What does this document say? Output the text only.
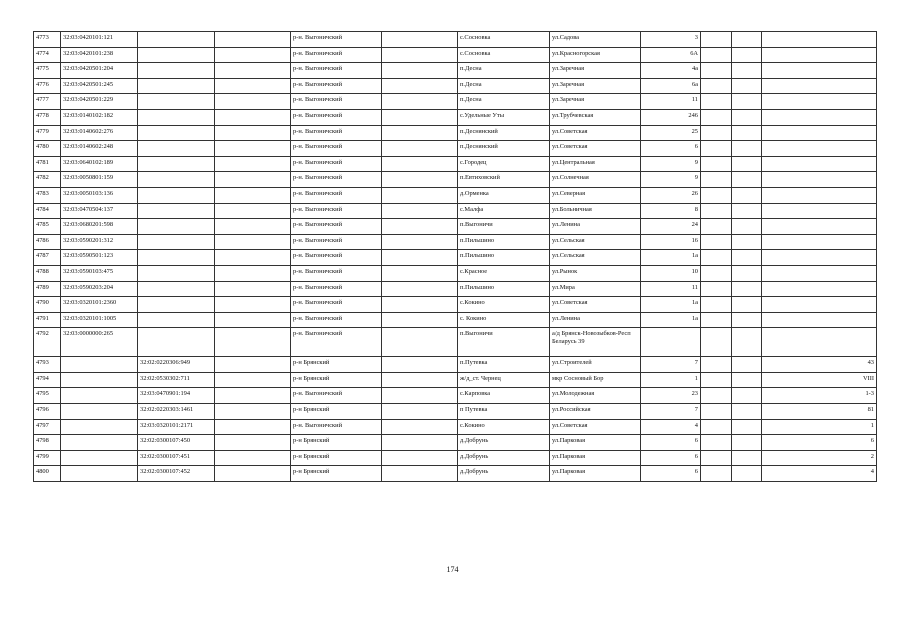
4773	32:03:0420101:121			р-н. Выгоничский		с.Сосновка	ул.Садова	3			
4774	32:03:0420101:238			р-н. Выгоничский		с.Сосновка	ул.Красногорская	6А			
4775	32:03:0420501:204			р-н. Выгоничский		п.Десна	ул.Заречная	4а			
4776	32:03:0420501:245			р-н. Выгоничский		п.Десна	ул.Заречная	6а			
4777	32:03:0420501:229			р-н. Выгоничский		п.Десна	ул.Заречная	11			
4778	32:03:0140102:182			р-н. Выгоничский		с.Удельные Уты	ул.Трубчевская	246			
4779	32:03:0140602:276			р-н. Выгоничский		п.Деснянский	ул.Советская	25			
4780	32:03:0140602:248			р-н. Выгоничский		п.Деснянский	ул.Советская	6			
4781	32:03:0640102:189			р-н. Выгоничский		с.Городец	ул.Центральная	9			
4782	32:03:0050801:159			р-н. Выгоничский		п.Евтиховский	ул.Солнечная	9			
4783	32:03:0050103:136			р-н. Выгоничский		д.Орменка	ул.Северная	26			
4784	32:03:0470504:137			р-н. Выгоничский		с.Малфа	ул.Больничная	8			
4785	32:03:0680201:598			р-н. Выгоничский		п.Выгоничи	ул.Ленина	24			
4786	32:03:0590201:312			р-н. Выгоничский		п.Пильшино	ул.Сельская	16			
4787	32:03:0590501:123			р-н. Выгоничский		п.Пильшино	ул.Сельская	1а			
4788	32:03:0590103:475			р-н. Выгоничский		с.Красное	ул.Рынок	10			
4789	32:03:0590203:204			р-н. Выгоничский		п.Пильшино	ул.Мира	11			
4790	32:03:0320101:2360			р-н. Выгоничский		с.Кокино	ул.Советская	1а			
4791	32:03:0320101:1005			р-н. Выгоничский		с. Кокино	ул.Ленина	1а			
4792	32:03:0000000:265			р-н. Выгоничский		п.Выгоничи	а/д Брянск-Новозыбков-Респ Беларусь 39				
4793		32:02:0220306:949		р-н Брянский		п.Путевка	ул.Строителей	7			43
4794		32:02:0530302:711		р-н Брянский		ж/д_ст. Чернец	мкр Сосновый Бор	1			VIII
4795		32:03:0470901:194		р-н. Выгоничский		с.Карповка	ул.Молодежная	23			1-3
4796		32:02:0220303:1461		р-н Брянский		п Путевка	ул.Российская	7			81
4797		32:03:0320101:2171		р-н. Выгоничский		с.Кокино	ул.Советская	4			1
4798		32:02:0300107:450		р-н Брянский		д.Добрунь	ул.Парковая	6			6
4799		32:02:0300107:451		р-н Брянский		д.Добрунь	ул.Парковая	6			2
4800		32:02:0300107:452		р-н Брянский		д.Добрунь	ул.Парковая	6			4
174
